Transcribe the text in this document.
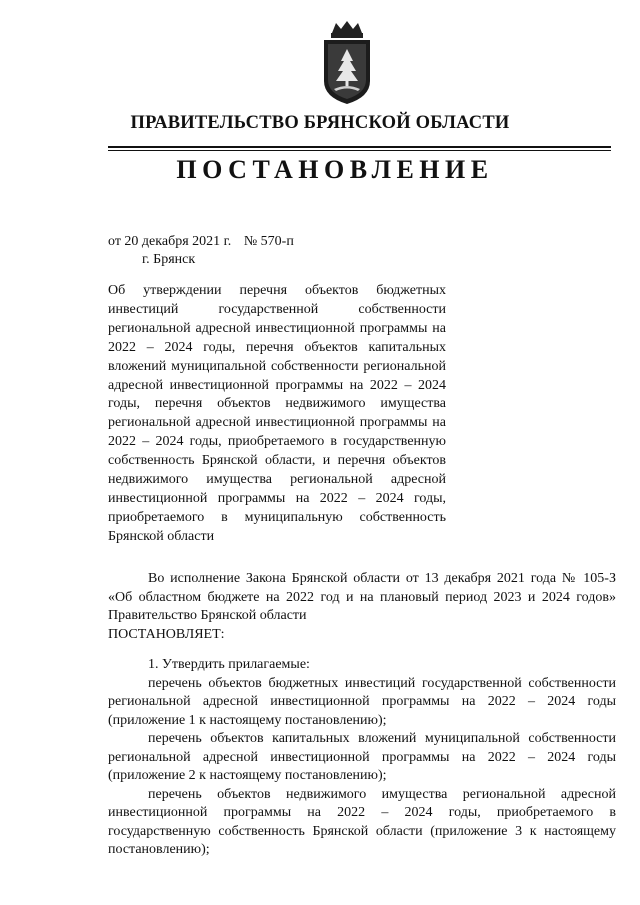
ПРАВИТЕЛЬСТВО БРЯНСКОЙ ОБЛАСТИ
ПОСТАНОВЛЕНИЕ
от 20 декабря 2021 г. № 570-п
г. Брянск
Об утверждении перечня объектов бюджетных инвестиций государственной собственности региональной адресной инвестиционной программы на 2022 – 2024 годы, перечня объектов капитальных вложений муниципальной собственности региональной адресной инвестиционной программы на 2022 – 2024 годы, перечня объектов недвижимого имущества региональной адресной инвестиционной программы на 2022 – 2024 годы, приобретаемого в государственную собственность Брянской области, и перечня объектов недвижимого имущества региональной адресной инвестиционной программы на 2022 – 2024 годы, приобретаемого в муниципальную собственность Брянской области

Во исполнение Закона Брянской области от 13 декабря 2021 года № 105-З «Об областном бюджете на 2022 год и на плановый период 2023 и 2024 годов» Правительство Брянской области

ПОСТАНОВЛЯЕТ:

1. Утвердить прилагаемые:

перечень объектов бюджетных инвестиций государственной собственности региональной адресной инвестиционной программы на 2022 – 2024 годы (приложение 1 к настоящему постановлению);

перечень объектов капитальных вложений муниципальной собственности региональной адресной инвестиционной программы на 2022 – 2024 годы (приложение 2 к настоящему постановлению);

перечень объектов недвижимого имущества региональной адресной инвестиционной программы на 2022 – 2024 годы, приобретаемого в государственную собственность Брянской области (приложение 3 к настоящему постановлению);
